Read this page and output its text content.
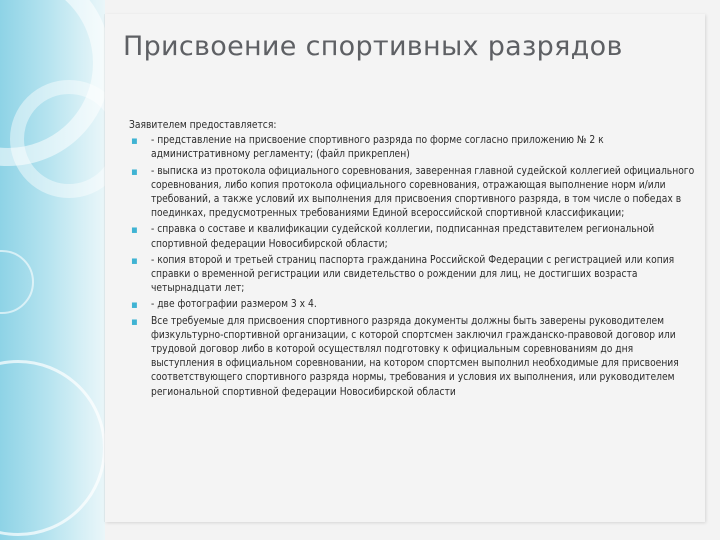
Присвоение спортивных разрядов

Заявителем предоставляется:

▪ - представление на присвоение спортивного разряда по форме согласно приложению № 2 к административному регламенту; (файл прикреплен)
▪ - выписка из протокола официального соревнования, заверенная главной судейской коллегией официального соревнования, либо копия протокола официального соревнования, отражающая выполнение норм и/или требований, а также условий их выполнения для присвоения спортивного разряда, в том числе о победах в поединках, предусмотренных требованиями Единой всероссийской спортивной классификации;
▪ - справка о составе и квалификации судейской коллегии, подписанная представителем региональной спортивной федерации Новосибирской области;
▪ - копия второй и третьей страниц паспорта гражданина Российской Федерации с регистрацией или копия справки о временной регистрации или свидетельство о рождении для лиц, не достигших возраста четырнадцати лет;
▪ - две фотографии размером 3 х 4.
▪ Все требуемые для присвоения спортивного разряда документы должны быть заверены руководителем физкультурно-спортивной организации, с которой спортсмен заключил гражданско-правовой договор или трудовой договор либо в которой осуществлял подготовку к официальным соревнованиям до дня выступления в официальном соревновании, на котором спортсмен выполнил необходимые для присвоения соответствующего спортивного разряда нормы, требования и условия их выполнения, или руководителем региональной спортивной федерации Новосибирской области
